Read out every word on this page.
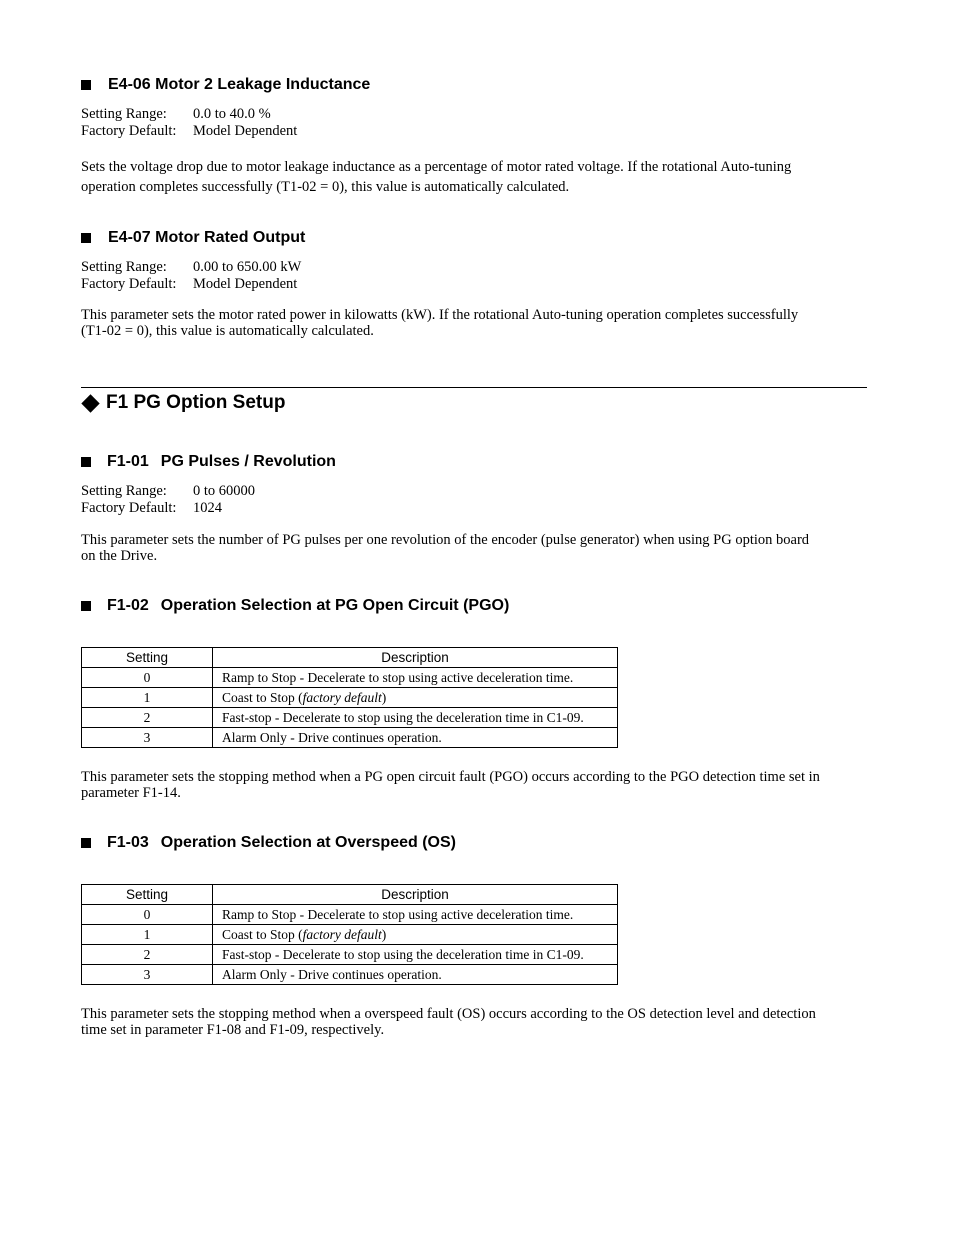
E4-06 Motor 2 Leakage Inductance
Setting Range:	0.0 to 40.0 %
Factory Default:	Model Dependent
Sets the voltage drop due to motor leakage inductance as a percentage of motor rated voltage. If the rotational Auto-tuning
operation completes successfully (T1-02 = 0), this value is automatically calculated.
E4-07 Motor Rated Output
Setting Range:	0.00 to 650.00 kW
Factory Default:	Model Dependent
This parameter sets the motor rated power in kilowatts (kW). If the rotational Auto-tuning operation completes successfully
(T1-02 = 0), this value is automatically calculated.
F1 PG Option Setup
F1-01 PG Pulses / Revolution
Setting Range:	0 to 60000
Factory Default:	1024
This parameter sets the number of PG pulses per one revolution of the encoder (pulse generator) when using PG option board
on the Drive.
F1-02 Operation Selection at PG Open Circuit (PGO)
Setting	Description
0	Ramp to Stop - Decelerate to stop using active deceleration time.
1	Coast to Stop (factory default)
2	Fast-stop - Decelerate to stop using the deceleration time in C1-09.
3	Alarm Only - Drive continues operation.
This parameter sets the stopping method when a PG open circuit fault (PGO) occurs according to the PGO detection time set in
parameter F1-14.
F1-03 Operation Selection at Overspeed (OS)
Setting	Description
0	Ramp to Stop - Decelerate to stop using active deceleration time.
1	Coast to Stop (factory default)
2	Fast-stop - Decelerate to stop using the deceleration time in C1-09.
3	Alarm Only - Drive continues operation.
This parameter sets the stopping method when a overspeed fault (OS) occurs according to the OS detection level and detection
time set in parameter F1-08 and F1-09, respectively.
